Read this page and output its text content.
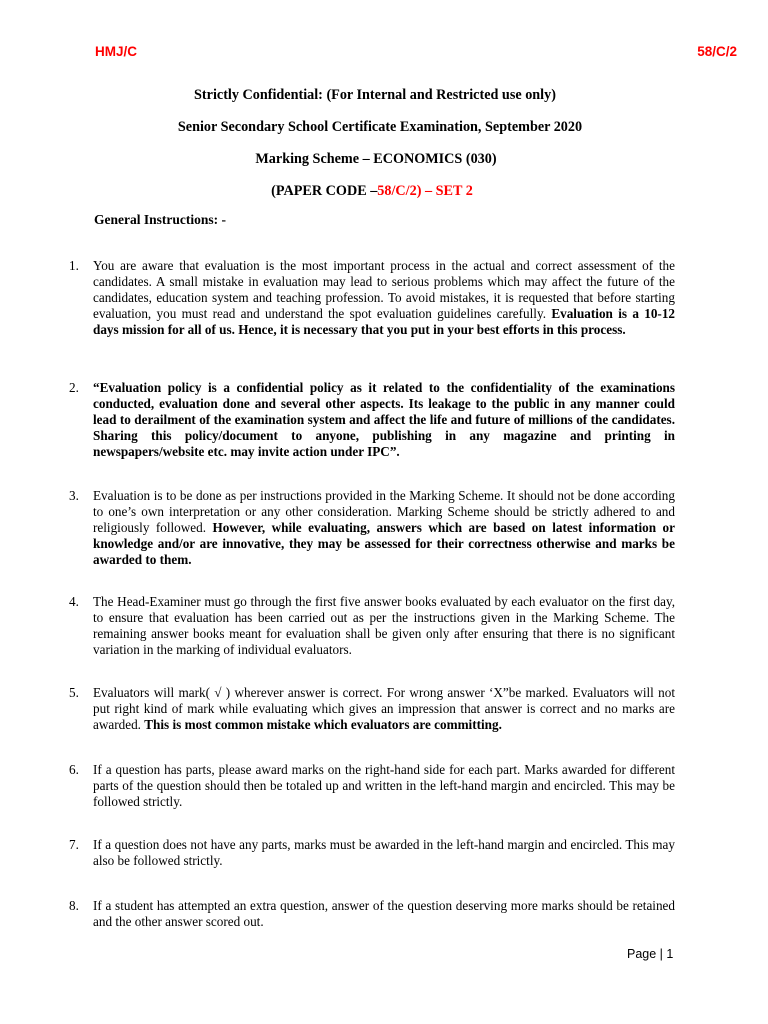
HMJ/C	58/C/2
Strictly Confidential: (For Internal and Restricted use only)
Senior Secondary School Certificate Examination, September 2020
Marking Scheme – ECONOMICS (030)
(PAPER CODE –58/C/2) – SET 2
General Instructions: -
1. You are aware that evaluation is the most important process in the actual and correct assessment of the candidates. A small mistake in evaluation may lead to serious problems which may affect the future of the candidates, education system and teaching profession. To avoid mistakes, it is requested that before starting evaluation, you must read and understand the spot evaluation guidelines carefully. Evaluation is a 10-12 days mission for all of us. Hence, it is necessary that you put in your best efforts in this process.
2. “Evaluation policy is a confidential policy as it related to the confidentiality of the examinations conducted, evaluation done and several other aspects. Its leakage to the public in any manner could lead to derailment of the examination system and affect the life and future of millions of the candidates. Sharing this policy/document to anyone, publishing in any magazine and printing in newspapers/website etc. may invite action under IPC”.
3. Evaluation is to be done as per instructions provided in the Marking Scheme. It should not be done according to one’s own interpretation or any other consideration. Marking Scheme should be strictly adhered to and religiously followed. However, while evaluating, answers which are based on latest information or knowledge and/or are innovative, they may be assessed for their correctness otherwise and marks be awarded to them.
4. The Head-Examiner must go through the first five answer books evaluated by each evaluator on the first day, to ensure that evaluation has been carried out as per the instructions given in the Marking Scheme. The remaining answer books meant for evaluation shall be given only after ensuring that there is no significant variation in the marking of individual evaluators.
5. Evaluators will mark( √ ) wherever answer is correct. For wrong answer ‘X”be marked. Evaluators will not put right kind of mark while evaluating which gives an impression that answer is correct and no marks are awarded. This is most common mistake which evaluators are committing.
6. If a question has parts, please award marks on the right-hand side for each part. Marks awarded for different parts of the question should then be totaled up and written in the left-hand margin and encircled. This may be followed strictly.
7. If a question does not have any parts, marks must be awarded in the left-hand margin and encircled. This may also be followed strictly.
8. If a student has attempted an extra question, answer of the question deserving more marks should be retained and the other answer scored out.
Page | 1
